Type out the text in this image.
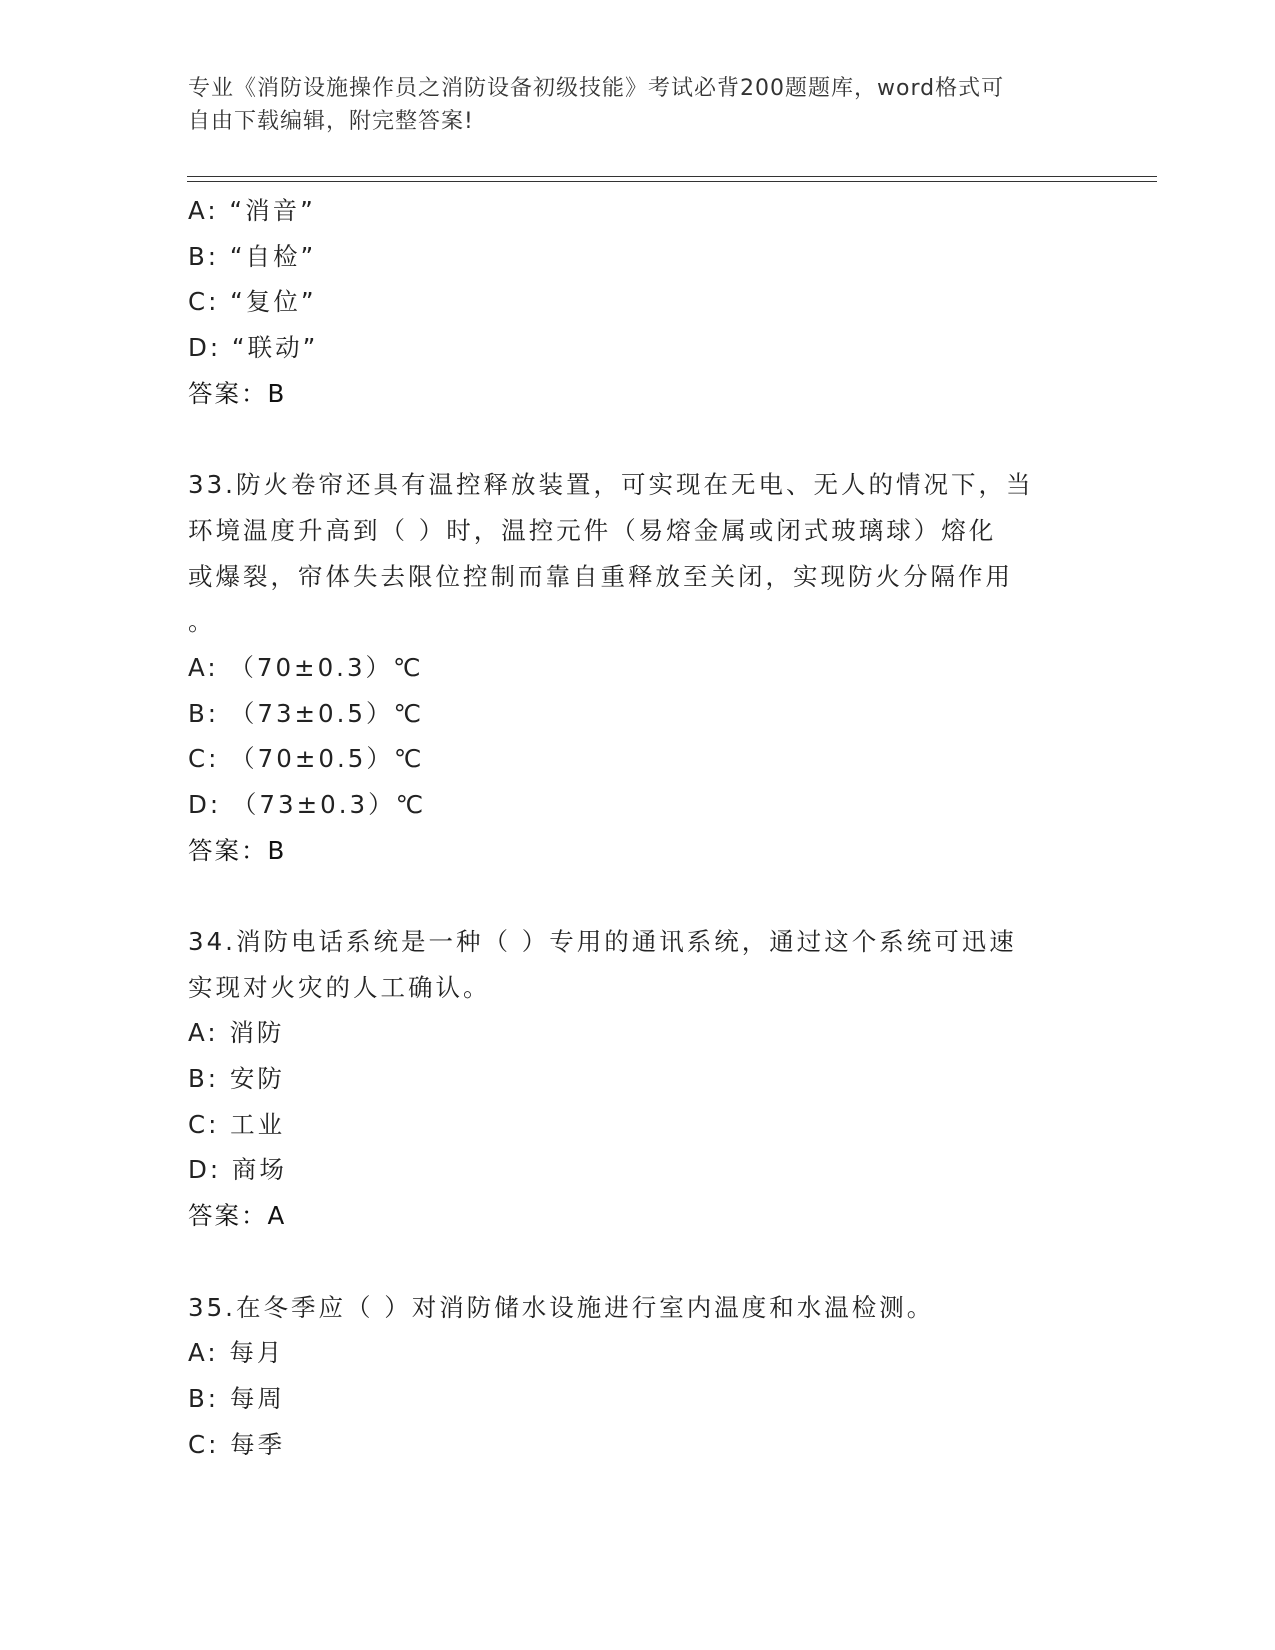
专业《消防设施操作员之消防设备初级技能》考试必背200题题库，word格式可
自由下载编辑，附完整答案!
A: “消音”
B: “自检”
C: “复位”
D: “联动”
答案：B
33.防火卷帘还具有温控释放装置，可实现在无电、无人的情况下，当
环境温度升高到（ ）时，温控元件（易熔金属或闭式玻璃球）熔化
或爆裂，帘体失去限位控制而靠自重释放至关闭，实现防火分隔作用
。
A: （70±0.3）℃
B: （73±0.5）℃
C: （70±0.5）℃
D: （73±0.3）℃
答案：B
34.消防电话系统是一种（ ）专用的通讯系统，通过这个系统可迅速
实现对火灾的人工确认。
A: 消防
B: 安防
C: 工业
D: 商场
答案：A
35.在冬季应（ ）对消防储水设施进行室内温度和水温检测。
A: 每月
B: 每周
C: 每季
